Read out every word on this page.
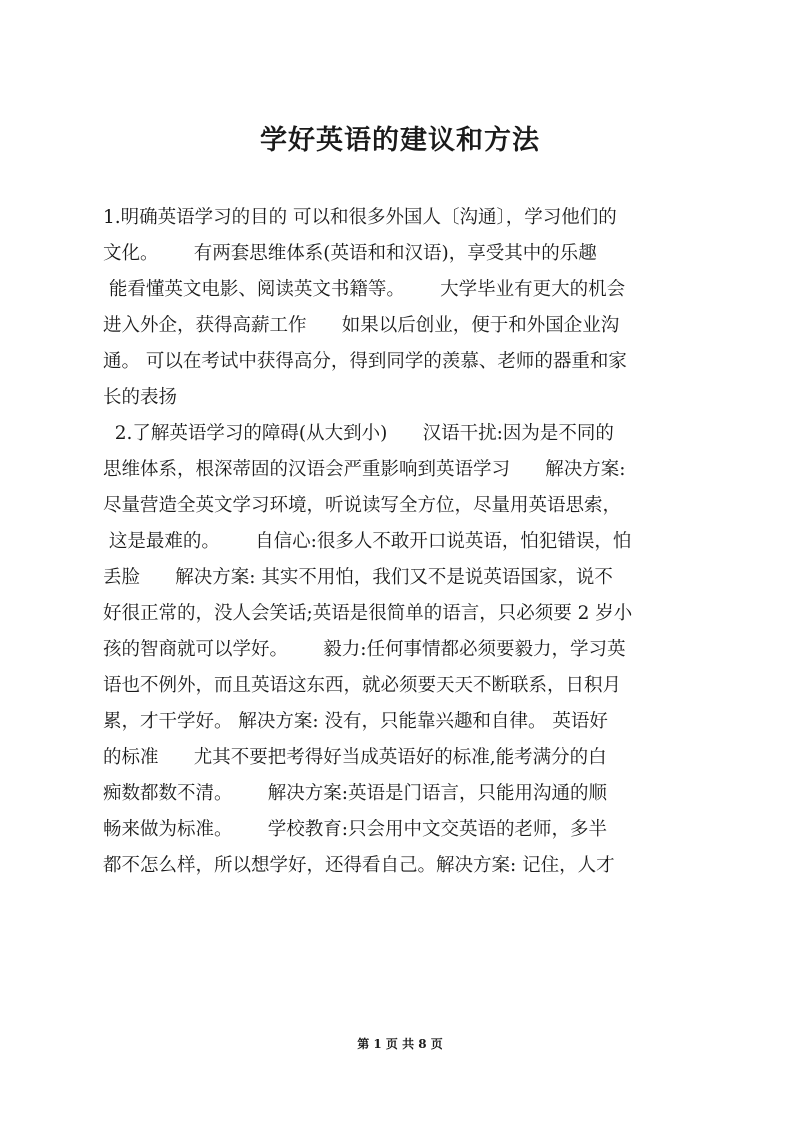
学好英语的建议和方法
1.明确英语学习的目的 可以和很多外国人〔沟通〕，学习他们的
文化。      有两套思维体系(英语和和汉语)，享受其中的乐趣
能看懂英文电影、阅读英文书籍等。      大学毕业有更大的机会
进入外企，获得高薪工作      如果以后创业，便于和外国企业沟
通。 可以在考试中获得高分，得到同学的羡慕、老师的器重和家
长的表扬
2.了解英语学习的障碍(从大到小)      汉语干扰:因为是不同的
思维体系，根深蒂固的汉语会严重影响到英语学习      解决方案:
尽量营造全英文学习环境，听说读写全方位，尽量用英语思索，
这是最难的。      自信心:很多人不敢开口说英语，怕犯错误，怕
丢脸      解决方案: 其实不用怕，我们又不是说英语国家，说不
好很正常的，没人会笑话;英语是很简单的语言，只必须要 2 岁小
孩的智商就可以学好。      毅力:任何事情都必须要毅力，学习英
语也不例外，而且英语这东西，就必须要天天不断联系，日积月
累，才干学好。 解决方案: 没有，只能靠兴趣和自律。 英语好
的标准      尤其不要把考得好当成英语好的标准,能考满分的白
痴数都数不清。      解决方案:英语是门语言，只能用沟通的顺
畅来做为标准。      学校教育:只会用中文交英语的老师，多半
都不怎么样，所以想学好，还得看自己。解决方案: 记住，人才
第 1 页 共 8 页
